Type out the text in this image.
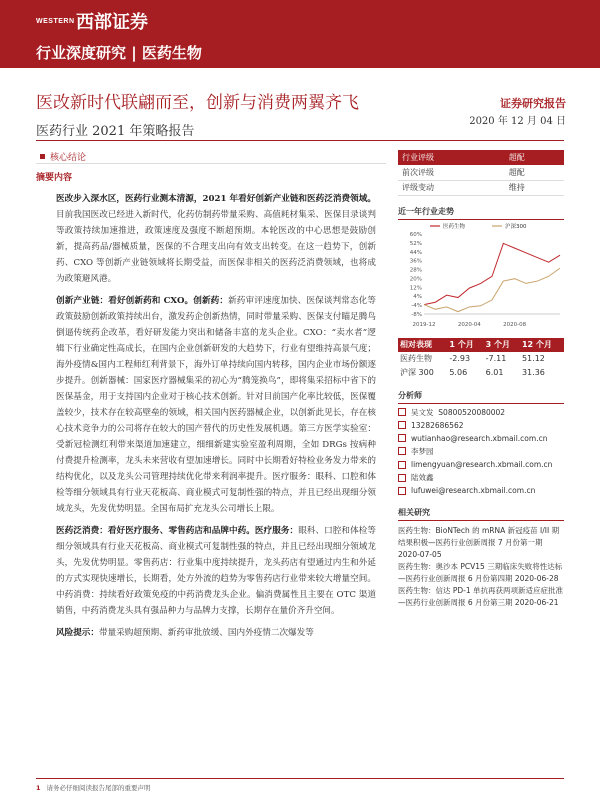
WESTERN 西部证券
行业深度研究 | 医药生物
医改新时代联翩而至，创新与消费两翼齐飞
医药行业 2021 年策略报告
证券研究报告
2020 年 12 月 04 日
核心结论
摘要内容

医改步入深水区，医药行业测本清源，2021 年看好创新产业链和医药泛消费领域。目前我国医改已经进入新时代，化药仿制药带量采购、高值耗材集采、医保目录谈判等政策持续加速推进，政策速度及强度不断超预期。本轮医改的中心思想是鼓励创新，提高药品/器械质量，医保的不合理支出向有效支出转变。在这一趋势下，创新药、CXO 等创新产业链领域将长期受益，而医保非相关的医药泛消费领域，也将成为政策避风港。

创新产业链：看好创新药和 CXO。创新药：新药审评速度加快、医保谈判常态化等政策鼓励创新政策持续出台，激发药企创新热情，同时带量采购、医保支付瞄足腾鸟倒逼传统药企改革，看好研发能力突出和储备丰富的龙头企业。CXO：“卖水者”逻辑下行业确定性高成长，在国内企业创新研发的大趋势下，行业有望维持高景气度；海外疫情&国内工程师红利背景下，海外订单持续向国内转移，国内企业市场份额逐步提升。创新器械：国家医疗器械集采的初心为“腾笼换鸟”，即将集采招标中省下的医保基金，用于支持国内企业对于核心技术创新。针对目前国产化率比较低，医保覆盖较少，技术存在较高壁垒的领域，相关国内医药器械企业，以创新此见长，存在核心技术竞争力的公司将存在较大的国产替代的历史性发展机遇。第三方医学实验室：受新冠检测红利带来渠道加速建立，细细新建实验室盈利周期，全如 DRGs 按病种付费提升检测率，龙头未来营收有望加速增长。同时中长期看好特检业务发力带来的结构优化，以及龙头公司管理持续优化带来利润率提升。医疗服务：眼科、口腔和体检等细分领域具有行业天花板高、商业模式可复制性强的特点，并且已经出现细分领域龙头，先发优势明显。全国布局扩充龙头公司增长上限。

医药泛消费：看好医疗服务、零售药店和品牌中药。医疗服务：眼科、口腔和体检等细分领域具有行业天花板高、商业模式可复制性强的特点，并且已经出现细分领域龙头，先发优势明显。零售药店：行业集中度持续提升，龙头药店有望通过内生和外延的方式实现快速增长，长期看，处方外流的趋势为零售药店行业带来较大增量空间。中药消费：持续看好政策免疫的中药消费龙头企业。偏消费属性且主要在 OTC 渠道销售，中药消费龙头具有强品种力与品牌力支撑，长期存在量价齐升空间。

风险提示：带量采购超预期、新药审批放缓、国内外疫情二次爆发等

行业评级	超配
前次评级	超配
评级变动	维持
近一年行业走势
60%
52%
44%
36%
28%
20%
12%
4%
-4%
-8%
2019-12	2020-04	2020-08
医药生物	沪深300
相对表现	1 个月	3 个月	12 个月
医药生物	-2.93	-7.11	51.12
沪深 300	5.06	6.01	31.36
分析师
吴文发
S0800520080002
13282686562
wutianhao@research.xbmail.com.cn
李梦园
limengyuan@research.xbmail.com.cn
陆效鑫
lufuwei@research.xbmail.com.cn
相关研究
医药生物：BioNTech 的 mRNA 新冠疫苗 I/II 期结果积极—医药行业创新周报 7 月份第一期 2020-07-05
医药生物：奥沙本 PCV15 三期临床失败将性达标—医药行业创新周报 6 月份第四期 2020-06-28
医药生物：信达 PD-1 单抗再获两项新适应症批准—医药行业创新周报 6 月份第三期 2020-06-21
1 请务必仔细阅读报告尾部的重要声明
